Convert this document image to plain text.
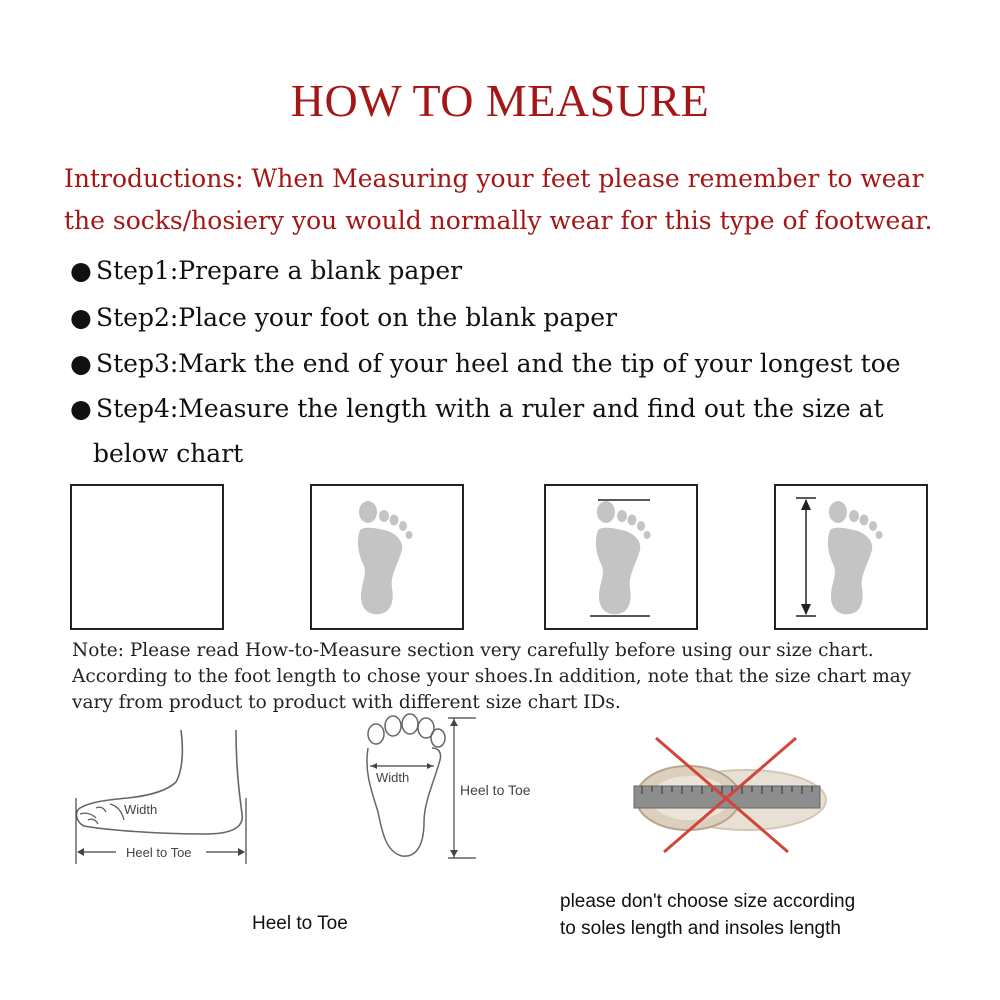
HOW TO MEASURE
Introductions: When Measuring your feet please remember to wear
the socks/hosiery you would normally wear for this type of footwear.
● Step1:Prepare a blank paper
● Step2:Place your foot on the blank paper
● Step3:Mark the end of your heel and the tip of your longest toe
● Step4:Measure the length with a ruler and find out the size at
below chart
Note: Please read How-to-Measure section very carefully before using our size chart.
According to the foot length to chose your shoes.In addition, note that the size chart may
vary from product to product with different size chart IDs.
Width
Heel to Toe
Width
Heel to Toe
Heel to Toe
please don't choose size according
to soles length and insoles length
